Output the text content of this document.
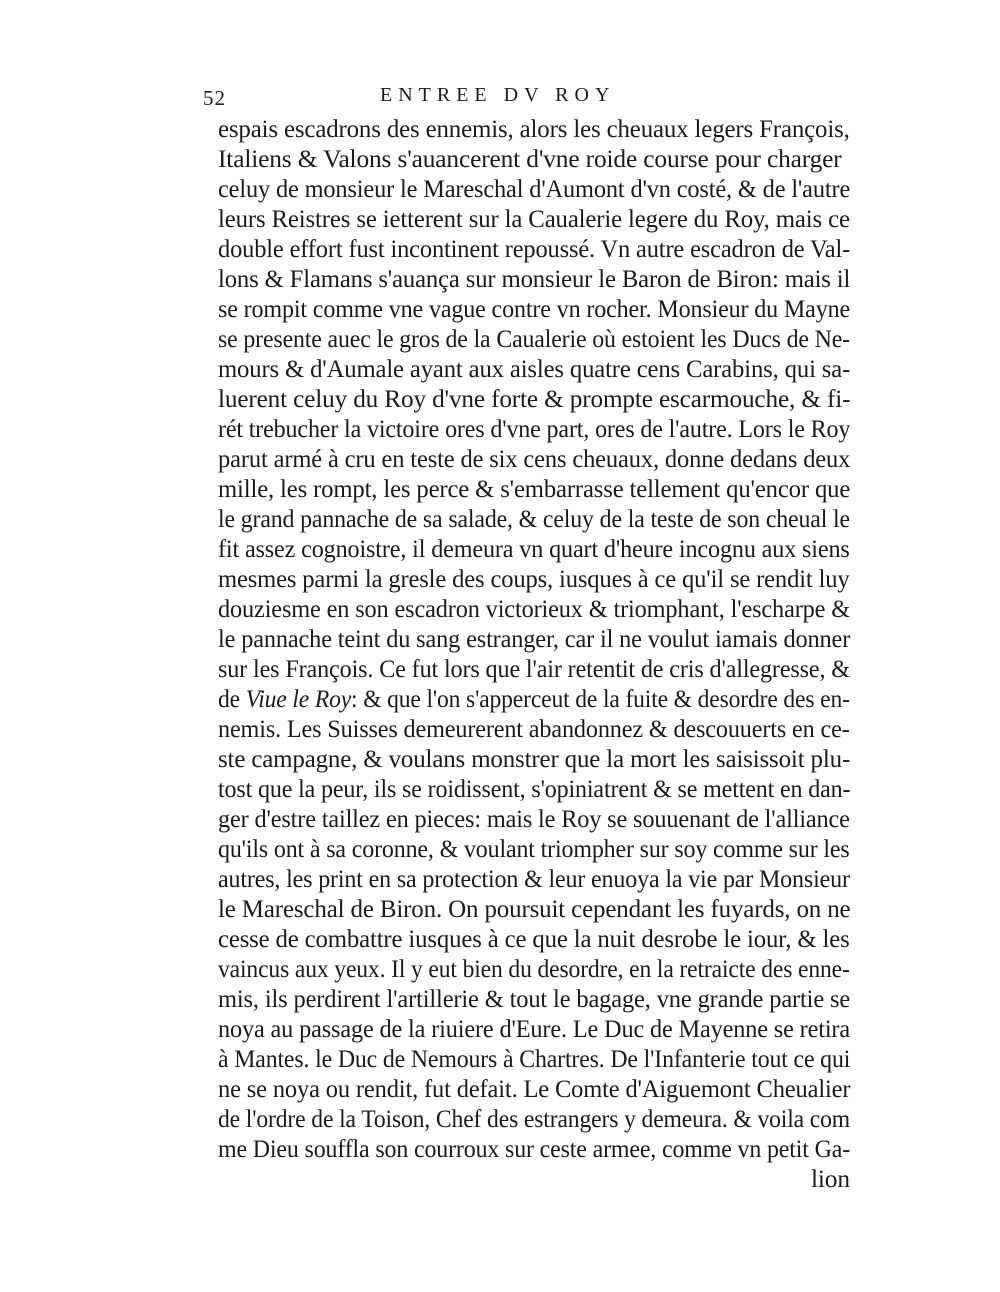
52	ENTREE DV ROY
espais escadrons des ennemis, alors les cheuaux legers François,
Italiens & Valons s'auancerent d'vne roide course pour charger
celuy de monsieur le Mareschal d'Aumont d'vn costé, & de l'autre
leurs Reistres se ietterent sur la Caualerie legere du Roy, mais ce
double effort fust incontinent repoussé. Vn autre escadron de Val-
lons & Flamans s'auança sur monsieur le Baron de Biron: mais il
se rompit comme vne vague contre vn rocher. Monsieur du Mayne
se presente auec le gros de la Caualerie où estoient les Ducs de Ne-
mours & d'Aumale ayant aux aisles quatre cens Carabins, qui sa-
luerent celuy du Roy d'vne forte & prompte escarmouche, & fi-
rét trebucher la victoire ores d'vne part, ores de l'autre. Lors le Roy
parut armé à cru en teste de six cens cheuaux, donne dedans deux
mille, les rompt, les perce & s'embarrasse tellement qu'encor que
le grand pannache de sa salade, & celuy de la teste de son cheual le
fit assez cognoistre, il demeura vn quart d'heure incognu aux siens
mesmes parmi la gresle des coups, iusques à ce qu'il se rendit luy
douziesme en son escadron victorieux & triomphant, l'escharpe &
le pannache teint du sang estranger, car il ne voulut iamais donner
sur les François. Ce fut lors que l'air retentit de cris d'allegresse, &
de Viue le Roy: & que l'on s'apperceut de la fuite & desordre des en-
nemis. Les Suisses demeurerent abandonnez & descouuerts en ce-
ste campagne, & voulans monstrer que la mort les saisissoit plu-
tost que la peur, ils se roidissent, s'opiniatrent & se mettent en dan-
ger d'estre taillez en pieces: mais le Roy se souuenant de l'alliance
qu'ils ont à sa coronne, & voulant triompher sur soy comme sur les
autres, les print en sa protection & leur enuoya la vie par Monsieur
le Mareschal de Biron. On poursuit cependant les fuyards, on ne
cesse de combattre iusques à ce que la nuit desrobe le iour, & les
vaincus aux yeux. Il y eut bien du desordre, en la retraicte des enne-
mis, ils perdirent l'artillerie & tout le bagage, vne grande partie se
noya au passage de la riuiere d'Eure. Le Duc de Mayenne se retira
à Mantes. le Duc de Nemours à Chartres. De l'Infanterie tout ce qui
ne se noya ou rendit, fut defait. Le Comte d'Aiguemont Cheualier
de l'ordre de la Toison, Chef des estrangers y demeura. & voila com
me Dieu souffla son courroux sur ceste armee, comme vn petit Ga-
lion
